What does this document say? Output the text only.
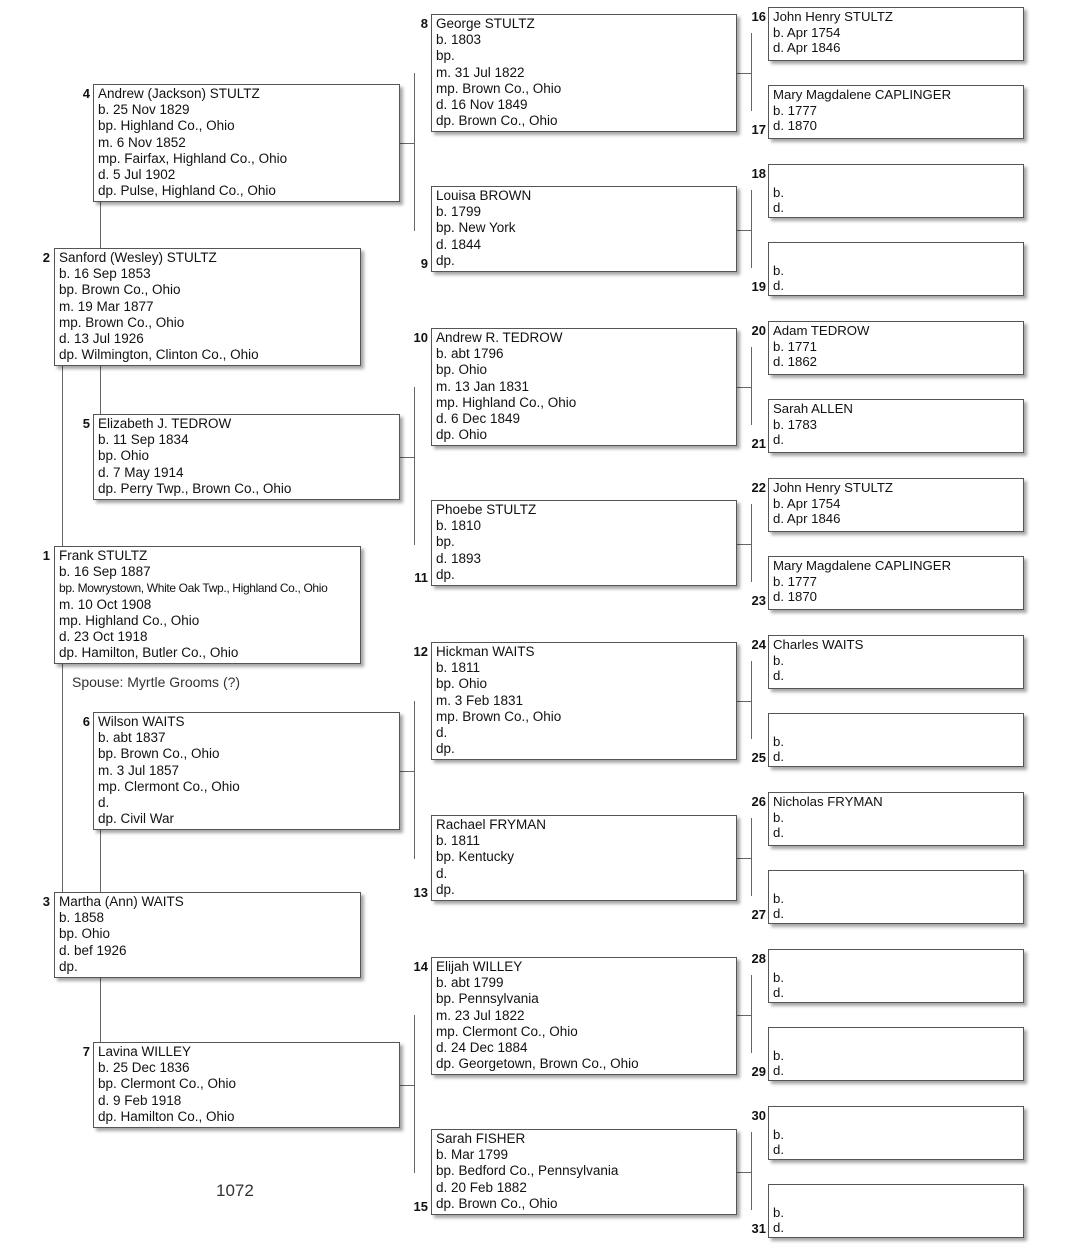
1 Frank STULTZ
b. 16 Sep 1887
bp. Mowrystown, White Oak Twp., Highland Co., Ohio
m. 10 Oct 1908
mp. Highland Co., Ohio
d. 23 Oct 1918
dp. Hamilton, Butler Co., Ohio
Spouse: Myrtle Grooms (?)
2 Sanford (Wesley) STULTZ
b. 16 Sep 1853
bp. Brown Co., Ohio
m. 19 Mar 1877
mp. Brown Co., Ohio
d. 13 Jul 1926
dp. Wilmington, Clinton Co., Ohio
3 Martha (Ann) WAITS
b. 1858
bp. Ohio
d. bef 1926
dp.
4 Andrew (Jackson) STULTZ
b. 25 Nov 1829
bp. Highland Co., Ohio
m. 6 Nov 1852
mp. Fairfax, Highland Co., Ohio
d. 5 Jul 1902
dp. Pulse, Highland Co., Ohio
5 Elizabeth J. TEDROW
b. 11 Sep 1834
bp. Ohio
d. 7 May 1914
dp. Perry Twp., Brown Co., Ohio
6 Wilson WAITS
b. abt 1837
bp. Brown Co., Ohio
m. 3 Jul 1857
mp. Clermont Co., Ohio
d.
dp. Civil War
7 Lavina WILLEY
b. 25 Dec 1836
bp. Clermont Co., Ohio
d. 9 Feb 1918
dp. Hamilton Co., Ohio
8 George STULTZ
b. 1803
bp.
m. 31 Jul 1822
mp. Brown Co., Ohio
d. 16 Nov 1849
dp. Brown Co., Ohio
9
Louisa BROWN
b. 1799
bp. New York
d. 1844
dp.
10 Andrew R. TEDROW
b. abt 1796
bp. Ohio
m. 13 Jan 1831
mp. Highland Co., Ohio
d. 6 Dec 1849
dp. Ohio
11
Phoebe STULTZ
b. 1810
bp.
d. 1893
dp.
12 Hickman WAITS
b. 1811
bp. Ohio
m. 3 Feb 1831
mp. Brown Co., Ohio
d.
dp.
13
Rachael FRYMAN
b. 1811
bp. Kentucky
d.
dp.
14 Elijah WILLEY
b. abt 1799
bp. Pennsylvania
m. 23 Jul 1822
mp. Clermont Co., Ohio
d. 24 Dec 1884
dp. Georgetown, Brown Co., Ohio
15
Sarah FISHER
b. Mar 1799
bp. Bedford Co., Pennsylvania
d. 20 Feb 1882
dp. Brown Co., Ohio
16 John Henry STULTZ
b. Apr 1754
d. Apr 1846
17
Mary Magdalene CAPLINGER
b. 1777
d. 1870
18
b.
d.
19
b.
d.
20 Adam TEDROW
b. 1771
d. 1862
21
Sarah ALLEN
b. 1783
d.
22 John Henry STULTZ
b. Apr 1754
d. Apr 1846
23
Mary Magdalene CAPLINGER
b. 1777
d. 1870
24 Charles WAITS
b.
d.
25
b.
d.
26 Nicholas FRYMAN
b.
d.
27
b.
d.
28
b.
d.
29
b.
d.
30
b.
d.
31
b.
d.
1072
